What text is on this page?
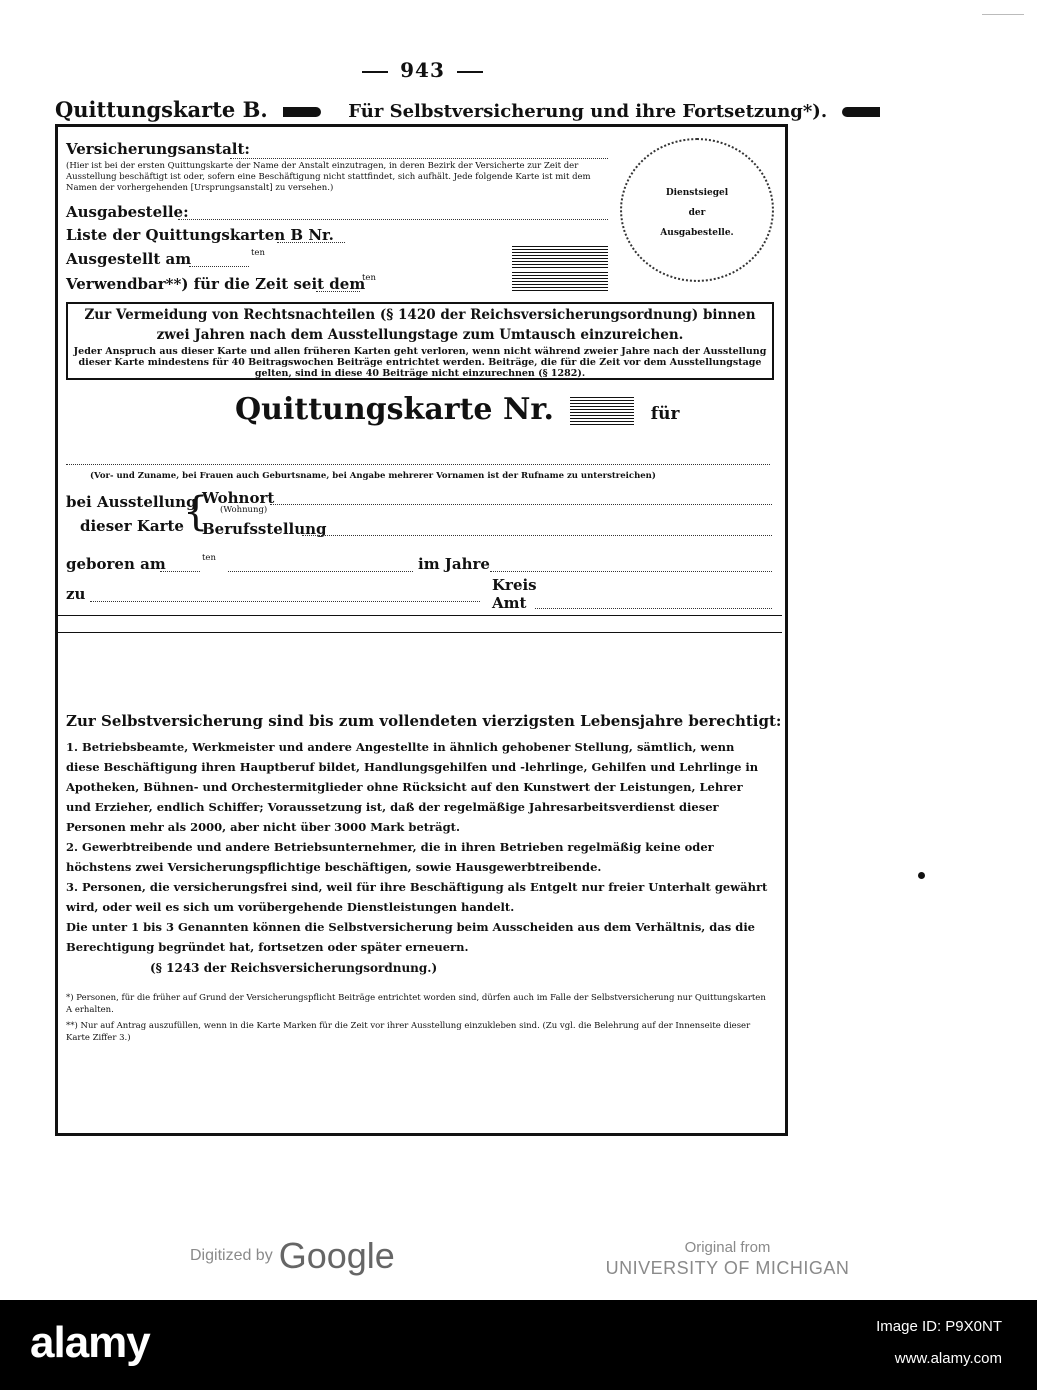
943
Quittungskarte B.	Für Selbstversicherung und ihre Fortsetzung*).
Versicherungsanstalt:
(Hier ist bei der ersten Quittungskarte der Name der Anstalt einzutragen, in deren Bezirk der Versicherte zur Zeit der Ausstellung beschäftigt ist oder, sofern eine Beschäftigung nicht stattfindet, sich aufhält. Jede folgende Karte ist mit dem Namen der vorhergehenden [Ursprungsanstalt] zu versehen.)
Ausgabestelle:
Liste der Quittungskarten B Nr.
Ausgestellt am	ten
Verwendbar**) für die Zeit seit dem
ten
Dienstsiegel
der
Ausgabestelle.
Zur Vermeidung von Rechtsnachteilen (§ 1420 der Reichsversicherungsordnung) binnen
zwei Jahren nach dem Ausstellungstage zum Umtausch einzureichen.
Jeder Anspruch aus dieser Karte und allen früheren Karten geht verloren, wenn nicht während zweier Jahre nach der Ausstellung dieser Karte mindestens für 40 Beitragswochen Beiträge entrichtet werden. Beiträge, die für die Zeit vor dem Ausstellungstage gelten, sind in diese 40 Beiträge nicht einzurechnen (§ 1282).
Quittungskarte Nr.	für
(Vor- und Zuname, bei Frauen auch Geburtsname, bei Angabe mehrerer Vornamen ist der Rufname zu unterstreichen)
bei Ausstellung
dieser Karte {
Wohnort
(Wohnung)
Berufsstellung
geboren am	ten	im Jahre
zu	Kreis
Amt
Zur Selbstversicherung sind bis zum vollendeten vierzigsten Lebensjahre berechtigt:
1. Betriebsbeamte, Werkmeister und andere Angestellte in ähnlich gehobener Stellung, sämtlich, wenn diese Beschäftigung ihren Hauptberuf bildet, Handlungsgehilfen und -lehrlinge, Gehilfen und Lehrlinge in Apotheken, Bühnen- und Orchestermitglieder ohne Rücksicht auf den Kunstwert der Leistungen, Lehrer und Erzieher, endlich Schiffer; Voraussetzung ist, daß der regelmäßige Jahresarbeitsverdienst dieser Personen mehr als 2000, aber nicht über 3000 Mark beträgt.
2. Gewerbtreibende und andere Betriebsunternehmer, die in ihren Betrieben regelmäßig keine oder höchstens zwei Versicherungspflichtige beschäftigen, sowie Hausgewerbtreibende.
3. Personen, die versicherungsfrei sind, weil für ihre Beschäftigung als Entgelt nur freier Unterhalt gewährt wird, oder weil es sich um vorübergehende Dienstleistungen handelt.
Die unter 1 bis 3 Genannten können die Selbstversicherung beim Ausscheiden aus dem Verhältnis, das die Berechtigung begründet hat, fortsetzen oder später erneuern.
(§ 1243 der Reichsversicherungsordnung.)
*) Personen, für die früher auf Grund der Versicherungspflicht Beiträge entrichtet worden sind, dürfen auch im Falle der Selbstversicherung nur Quittungskarten A erhalten.
**) Nur auf Antrag auszufüllen, wenn in die Karte Marken für die Zeit vor ihrer Ausstellung einzukleben sind. (Zu vgl. die Belehrung auf der Innenseite dieser Karte Ziffer 3.)
Digitized by Google	Original from
UNIVERSITY OF MICHIGAN
alamy	Image ID: P9X0NT
www.alamy.com
